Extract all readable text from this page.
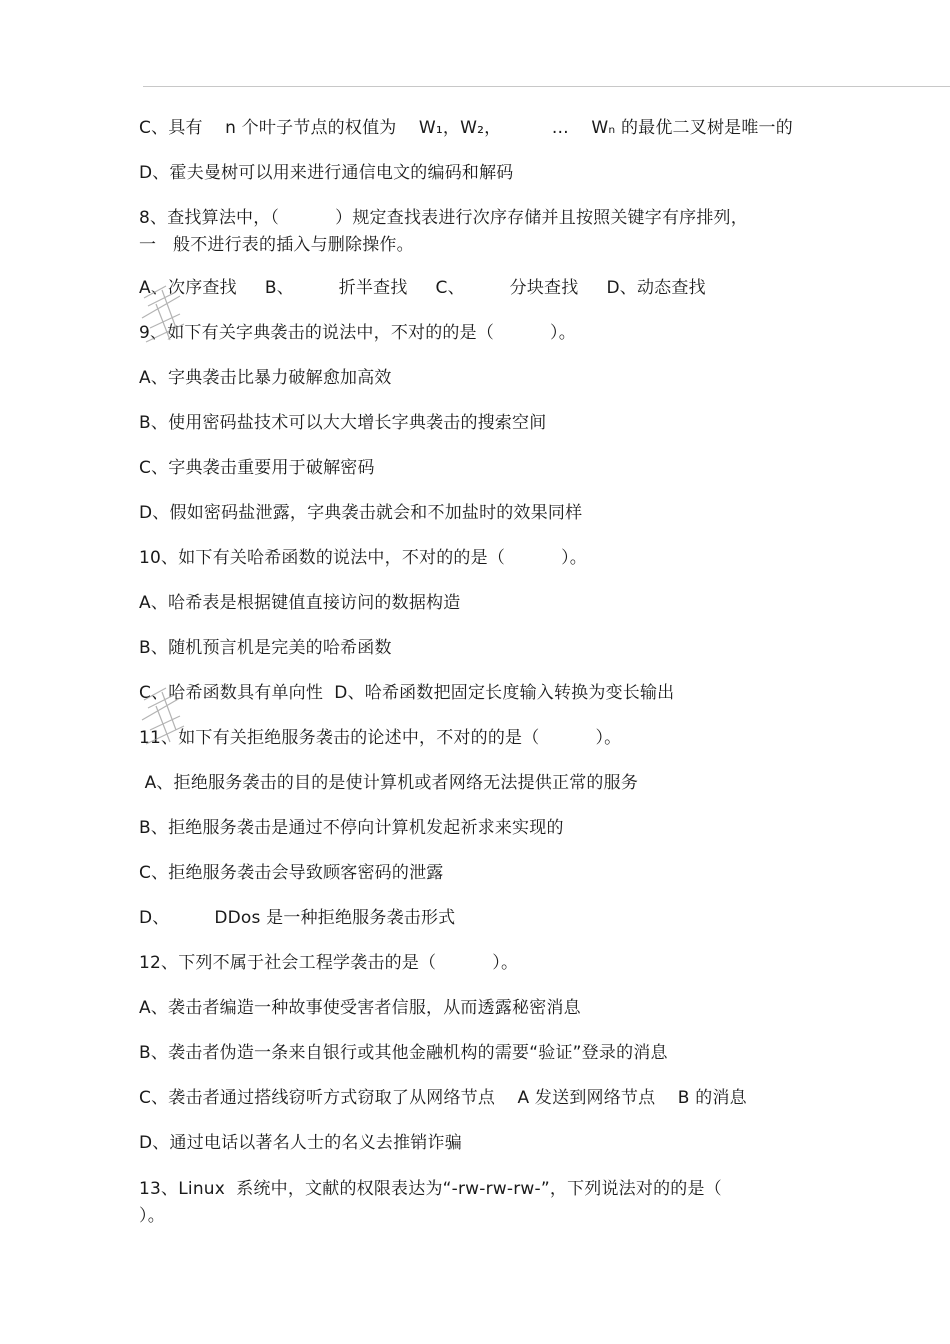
C、具有    n 个叶子节点的权值为    W₁，W₂，         …    Wₙ 的最优二叉树是唯一的
D、霍夫曼树可以用来进行通信电文的编码和解码
8、查找算法中，（          ）规定查找表进行次序存储并且按照关键字有序排列，
一   般不进行表的插入与删除操作。
A、次序查找     B、        折半查找     C、        分块查找     D、动态查找
9、如下有关字典袭击的说法中，不对的的是（          ）。
A、字典袭击比暴力破解愈加高效
B、使用密码盐技术可以大大增长字典袭击的搜索空间
C、字典袭击重要用于破解密码
D、假如密码盐泄露，字典袭击就会和不加盐时的效果同样
10、如下有关哈希函数的说法中，不对的的是（          ）。
A、哈希表是根据键值直接访问的数据构造
B、随机预言机是完美的哈希函数
C、哈希函数具有单向性  D、哈希函数把固定长度输入转换为变长输出
11、如下有关拒绝服务袭击的论述中，不对的的是（          ）。
A、拒绝服务袭击的目的是使计算机或者网络无法提供正常的服务
B、拒绝服务袭击是通过不停向计算机发起祈求来实现的
C、拒绝服务袭击会导致顾客密码的泄露
D、        DDos 是一种拒绝服务袭击形式
12、下列不属于社会工程学袭击的是（          ）。
A、袭击者编造一种故事使受害者信服，从而透露秘密消息
B、袭击者伪造一条来自银行或其他金融机构的需要“验证”登录的消息
C、袭击者通过搭线窃听方式窃取了从网络节点    A 发送到网络节点    B 的消息
D、通过电话以著名人士的名义去推销诈骗
13、Linux  系统中，文献的权限表达为“-rw-rw-rw-”，下列说法对的的是（
）。
